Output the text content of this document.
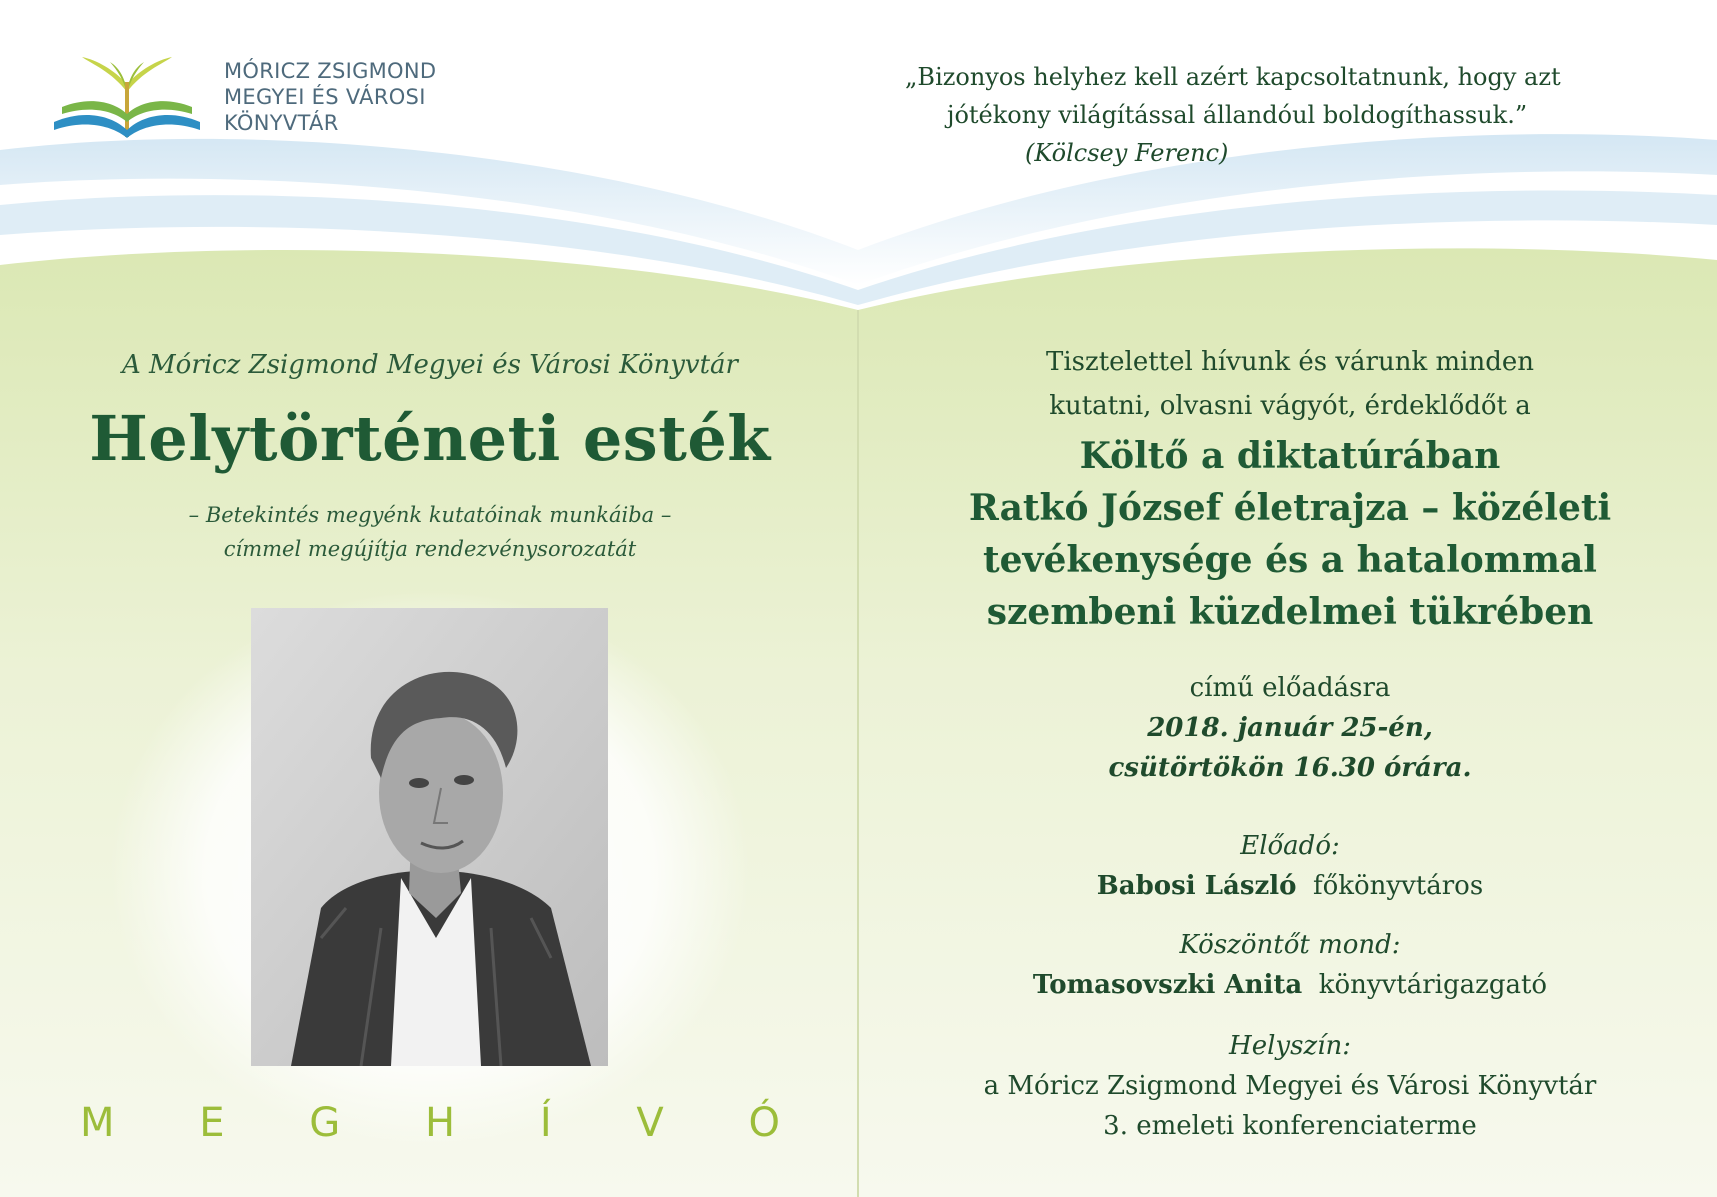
MÓRICZ ZSIGMOND
MEGYEI ÉS VÁROSI
KÖNYVTÁR
„Bizonyos helyhez kell azért kapcsoltatnunk, hogy azt
jótékony világítással állandóul boldogíthassuk.”
(Kölcsey Ferenc)
A Móricz Zsigmond Megyei és Városi Könyvtár
Helytörténeti esték
– Betekintés megyénk kutatóinak munkáiba –
címmel megújítja rendezvénysorozatát
M E G H Í V Ó
Tisztelettel hívunk és várunk minden
kutatni, olvasni vágyót, érdeklődőt a
Költő a diktatúrában
Ratkó József életrajza – közéleti
tevékenysége és a hatalommal
szembeni küzdelmei tükrében
című előadásra
2018. január 25-én,
csütörtökön 16.30 órára.
Előadó:
Babosi László főkönyvtáros
Köszöntőt mond:
Tomasovszki Anita könyvtárigazgató
Helyszín:
a Móricz Zsigmond Megyei és Városi Könyvtár
3. emeleti konferenciaterme
